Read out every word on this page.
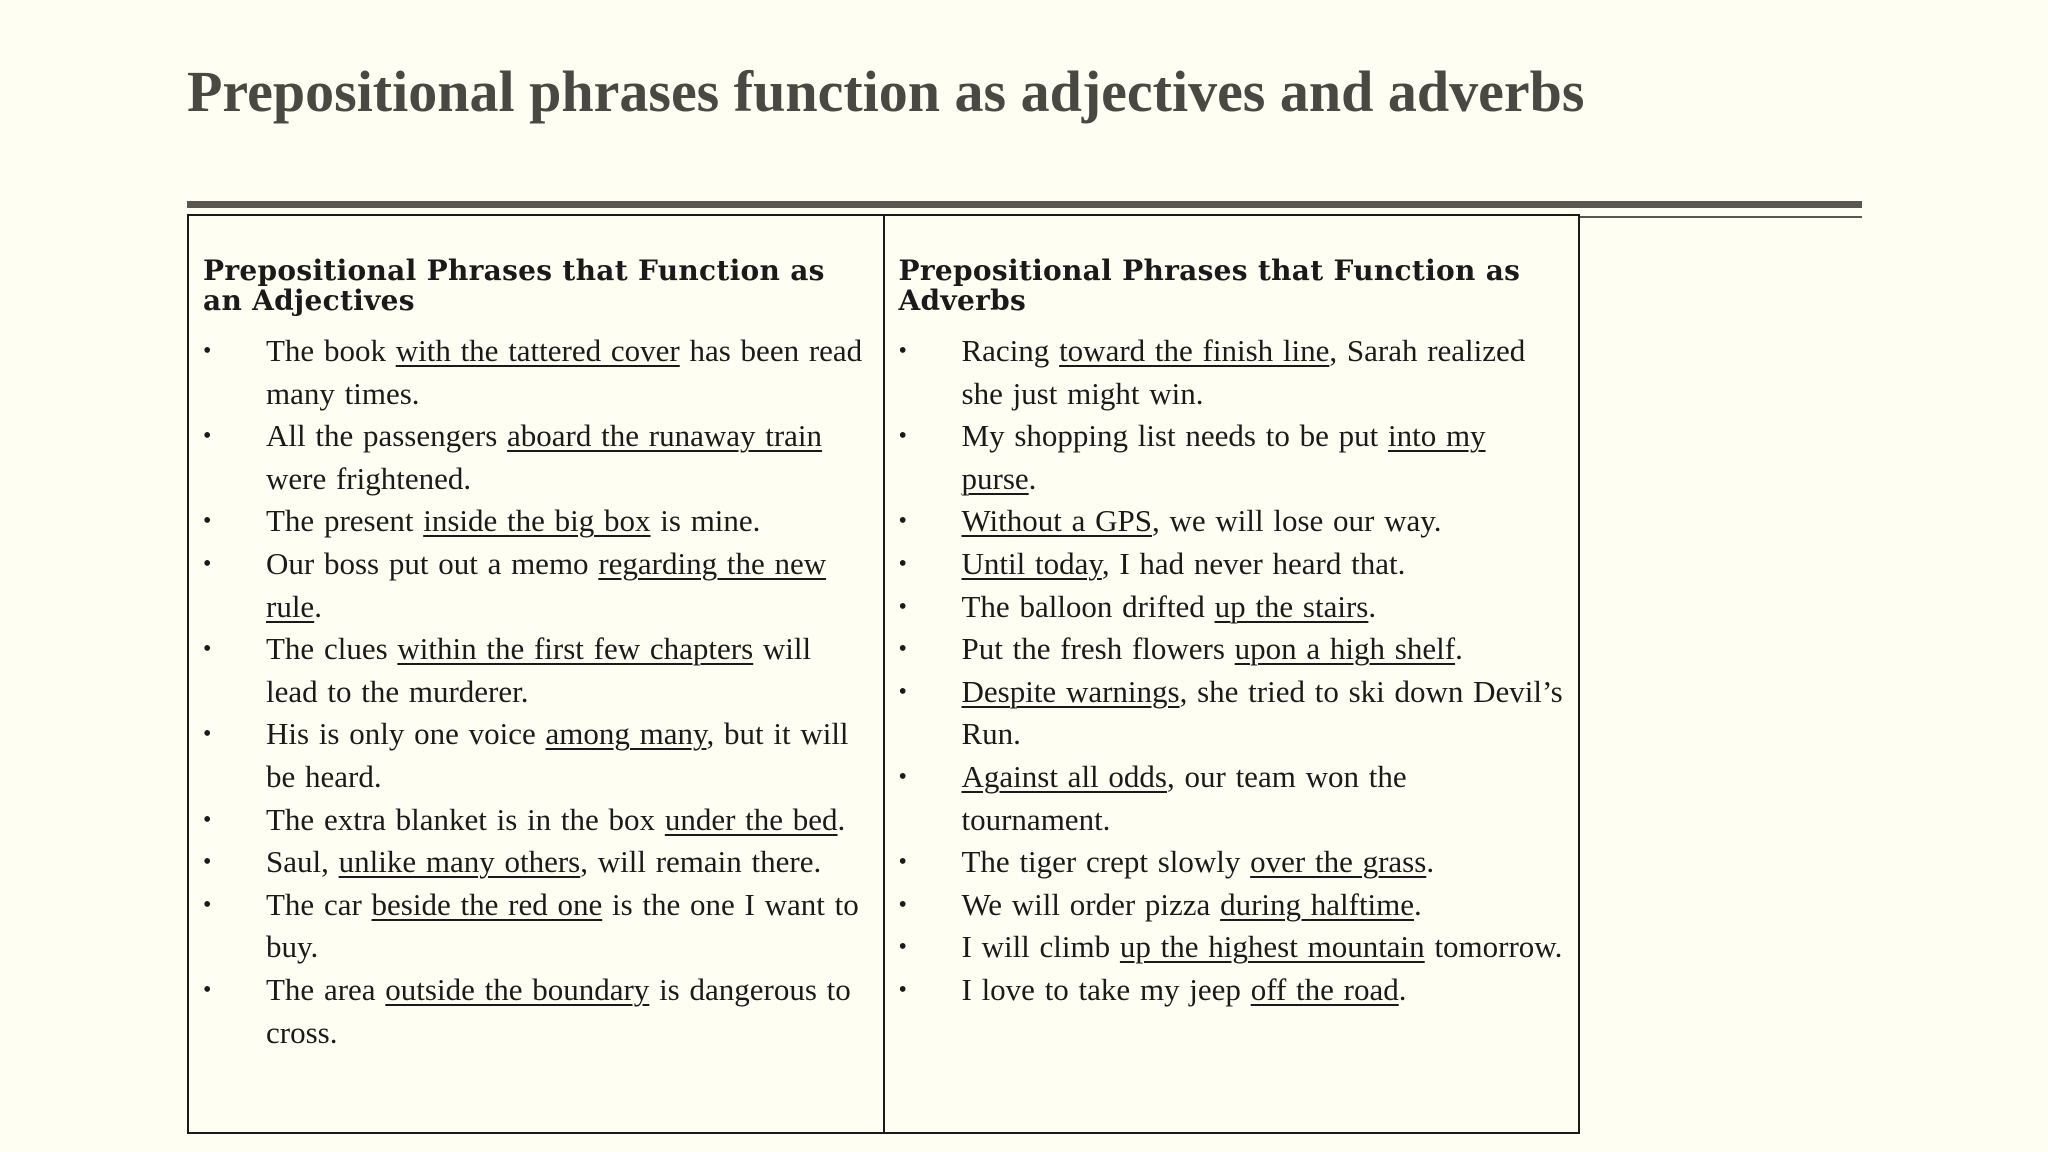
Prepositional phrases function as adjectives and adverbs
Prepositional Phrases that Function as an Adjectives
• The book with the tattered cover has been read many times.
• All the passengers aboard the runaway train were frightened.
• The present inside the big box is mine.
• Our boss put out a memo regarding the new rule.
• The clues within the first few chapters will lead to the murderer.
• His is only one voice among many, but it will be heard.
• The extra blanket is in the box under the bed.
• Saul, unlike many others, will remain there.
• The car beside the red one is the one I want to buy.
• The area outside the boundary is dangerous to cross.
Prepositional Phrases that Function as Adverbs
• Racing toward the finish line, Sarah realized she just might win.
• My shopping list needs to be put into my purse.
• Without a GPS, we will lose our way.
• Until today, I had never heard that.
• The balloon drifted up the stairs.
• Put the fresh flowers upon a high shelf.
• Despite warnings, she tried to ski down Devil’s Run.
• Against all odds, our team won the tournament.
• The tiger crept slowly over the grass.
• We will order pizza during halftime.
• I will climb up the highest mountain tomorrow.
• I love to take my jeep off the road.
